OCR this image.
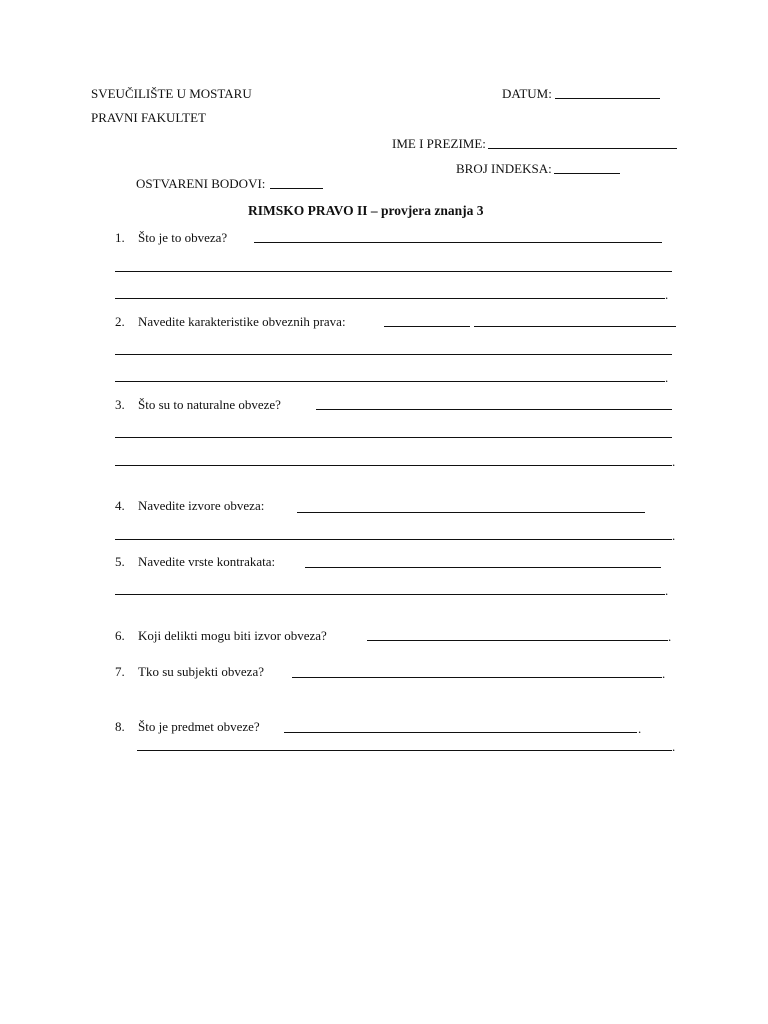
SVEUČILIŠTE U MOSTARU
PRAVNI FAKULTET
DATUM:
IME I PREZIME:
BROJ INDEKSA:
OSTVARENI BODOVI:
RIMSKO PRAVO II – provjera znanja 3
1. Što je to obveza?
.
2. Navedite karakteristike obveznih prava:
.
3. Što su to naturalne obveze?
.
4. Navedite izvore obveza:
.
5. Navedite vrste kontrakata:
.
6. Koji delikti mogu biti izvor obveza?	.
7. Tko su subjekti obveza?	.
8. Što je predmet obveze?	.
.
